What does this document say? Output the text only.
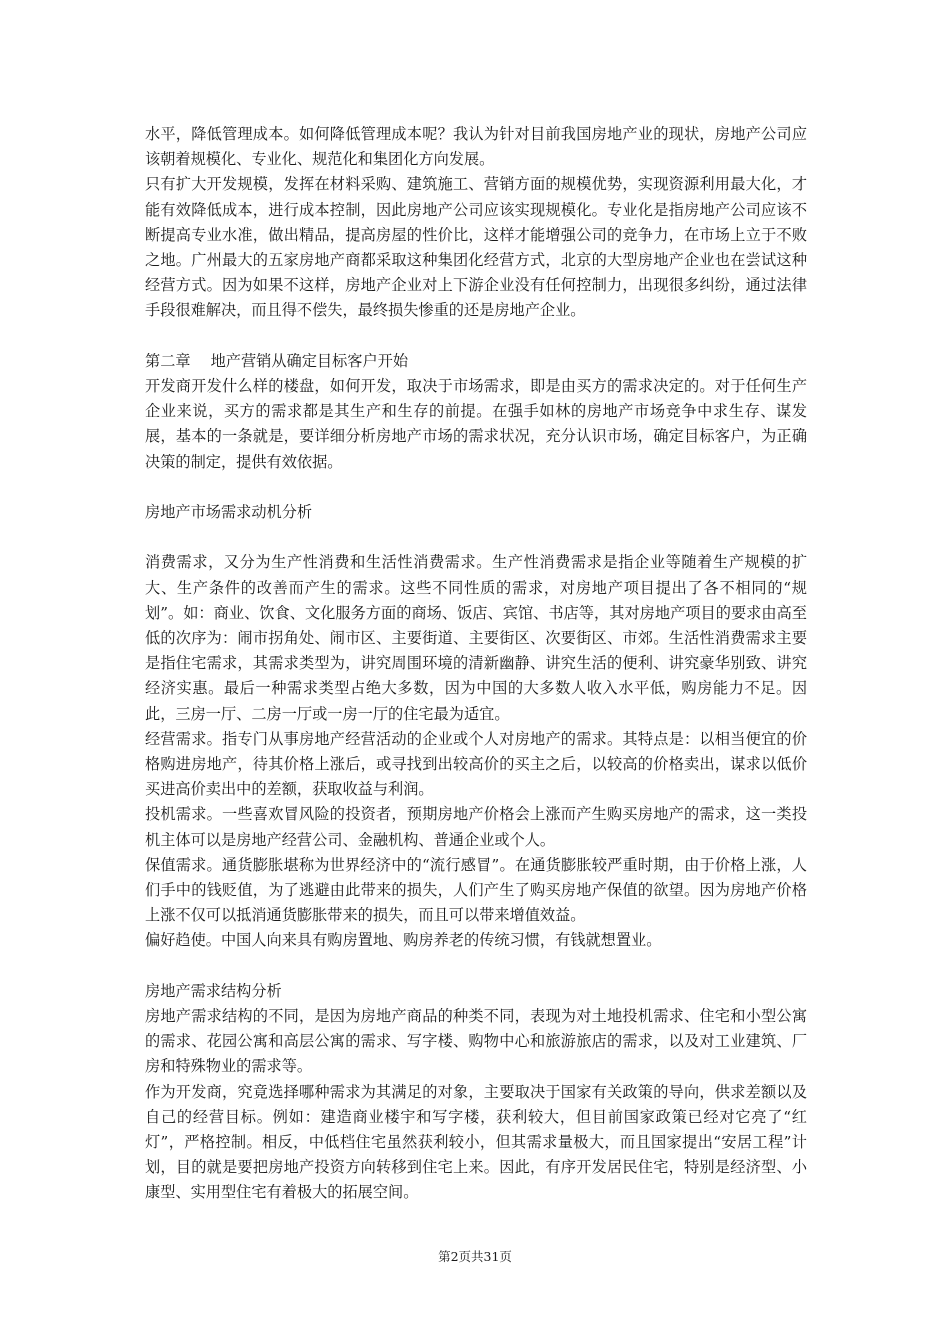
水平，降低管理成本。如何降低管理成本呢？我认为针对目前我国房地产业的现状，房地产公司应该朝着规模化、专业化、规范化和集团化方向发展。

只有扩大开发规模，发挥在材料采购、建筑施工、营销方面的规模优势，实现资源利用最大化，才能有效降低成本，进行成本控制，因此房地产公司应该实现规模化。专业化是指房地产公司应该不断提高专业水准，做出精品，提高房屋的性价比，这样才能增强公司的竞争力，在市场上立于不败之地。广州最大的五家房地产商都采取这种集团化经营方式，北京的大型房地产企业也在尝试这种经营方式。因为如果不这样，房地产企业对上下游企业没有任何控制力，出现很多纠纷，通过法律手段很难解决，而且得不偿失，最终损失惨重的还是房地产企业。

第二章 地产营销从确定目标客户开始

开发商开发什么样的楼盘，如何开发，取决于市场需求，即是由买方的需求决定的。对于任何生产企业来说，买方的需求都是其生产和生存的前提。在强手如林的房地产市场竞争中求生存、谋发展，基本的一条就是，要详细分析房地产市场的需求状况，充分认识市场，确定目标客户，为正确决策的制定，提供有效依据。

房地产市场需求动机分析

消费需求，又分为生产性消费和生活性消费需求。生产性消费需求是指企业等随着生产规模的扩大、生产条件的改善而产生的需求。这些不同性质的需求，对房地产项目提出了各不相同的“规划”。如：商业、饮食、文化服务方面的商场、饭店、宾馆、书店等，其对房地产项目的要求由高至低的次序为：闹市拐角处、闹市区、主要街道、主要街区、次要街区、市郊。生活性消费需求主要是指住宅需求，其需求类型为，讲究周围环境的清新幽静、讲究生活的便利、讲究豪华别致、讲究经济实惠。最后一种需求类型占绝大多数，因为中国的大多数人收入水平低，购房能力不足。因此，三房一厅、二房一厅或一房一厅的住宅最为适宜。

经营需求。指专门从事房地产经营活动的企业或个人对房地产的需求。其特点是：以相当便宜的价格购进房地产，待其价格上涨后，或寻找到出较高价的买主之后，以较高的价格卖出，谋求以低价买进高价卖出中的差额，获取收益与利润。

投机需求。一些喜欢冒风险的投资者，预期房地产价格会上涨而产生购买房地产的需求，这一类投机主体可以是房地产经营公司、金融机构、普通企业或个人。

保值需求。通货膨胀堪称为世界经济中的“流行感冒”。在通货膨胀较严重时期，由于价格上涨，人们手中的钱贬值，为了逃避由此带来的损失，人们产生了购买房地产保值的欲望。因为房地产价格上涨不仅可以抵消通货膨胀带来的损失，而且可以带来增值效益。

偏好趋使。中国人向来具有购房置地、购房养老的传统习惯，有钱就想置业。

房地产需求结构分析

房地产需求结构的不同，是因为房地产商品的种类不同，表现为对土地投机需求、住宅和小型公寓的需求、花园公寓和高层公寓的需求、写字楼、购物中心和旅游旅店的需求，以及对工业建筑、厂房和特殊物业的需求等。

作为开发商，究竟选择哪种需求为其满足的对象，主要取决于国家有关政策的导向，供求差额以及自己的经营目标。例如：建造商业楼宇和写字楼，获利较大，但目前国家政策已经对它亮了“红灯”，严格控制。相反，中低档住宅虽然获利较小，但其需求量极大，而且国家提出“安居工程”计划，目的就是要把房地产投资方向转移到住宅上来。因此，有序开发居民住宅，特别是经济型、小康型、实用型住宅有着极大的拓展空间。

第2页共31页
